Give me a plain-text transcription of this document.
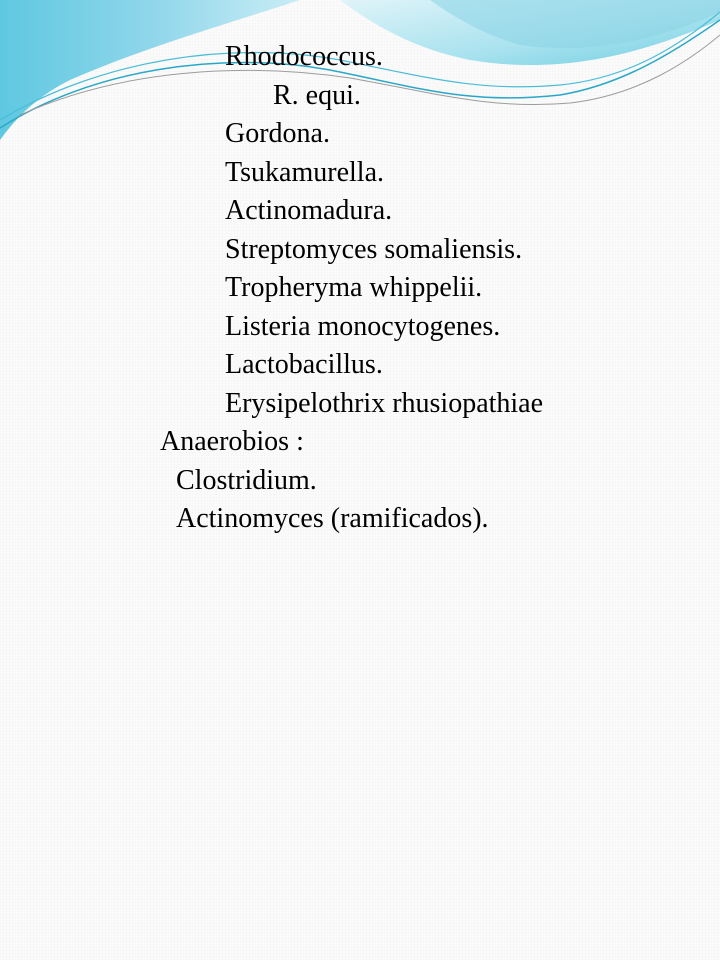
Rhodococcus.
R. equi.
Gordona.
Tsukamurella.
Actinomadura.
Streptomyces somaliensis.
Tropheryma whippelii.
Listeria monocytogenes.
Lactobacillus.
Erysipelothrix rhusiopathiae
Anaerobios :
Clostridium.
Actinomyces (ramificados).
